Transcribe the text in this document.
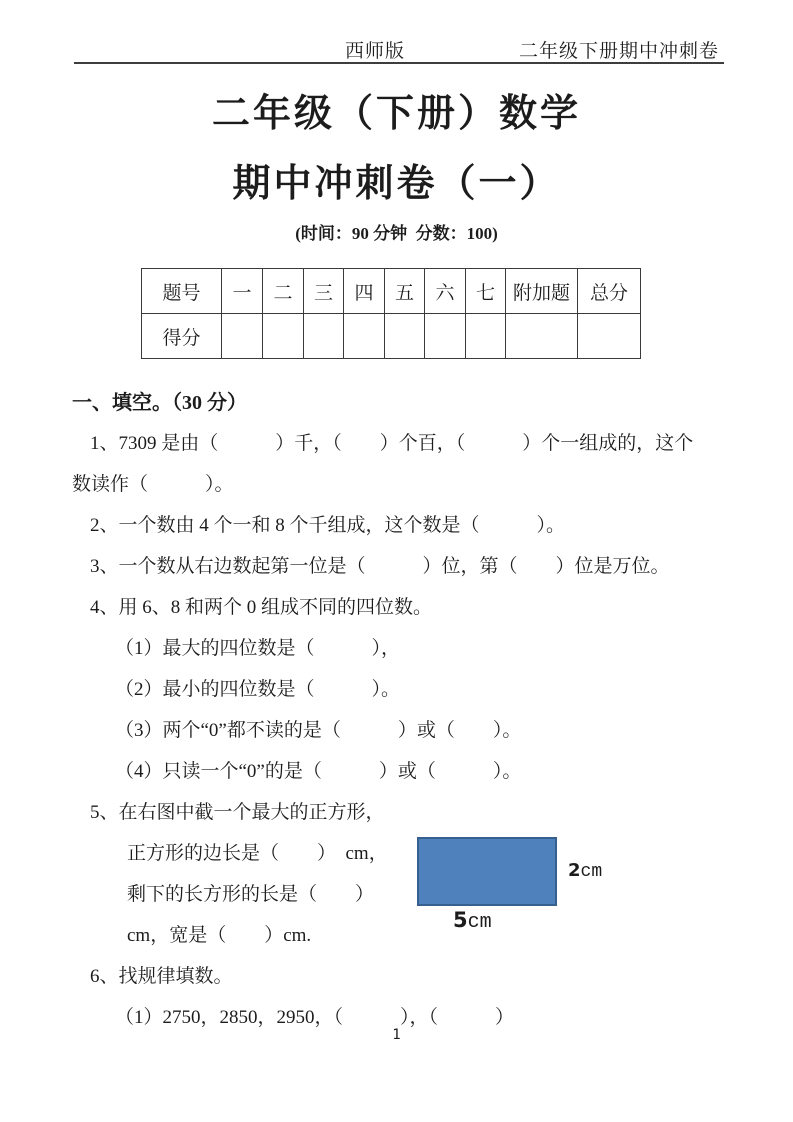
西师版	二年级下册期中冲刺卷
二年级（下册）数学
期中冲刺卷（一）
(时间：90 分钟  分数：100)
题号	一	二	三	四	五	六	七	附加题	总分
得分									
一、填空。（30 分）
1、7309 是由（　　　）千，（　　）个百，（　　　）个一组成的，这个
数读作（　　　）。
2、一个数由 4 个一和 8 个千组成，这个数是（　　　）。
3、一个数从右边数起第一位是（　　　）位，第（　　）位是万位。
4、用 6、8 和两个 0 组成不同的四位数。
（1）最大的四位数是（　　　），
（2）最小的四位数是（　　　）。
（3）两个“0”都不读的是（　　　）或（　　）。
（4）只读一个“0”的是（　　　）或（　　　）。
5、在右图中截一个最大的正方形，
正方形的边长是（　　）  cm，
剩下的长方形的长是（　　）
cm，宽是（　　）cm.
6、找规律填数。
（1）2750，2850，2950，（　　　），（　　　）
2cm
5cm
1
